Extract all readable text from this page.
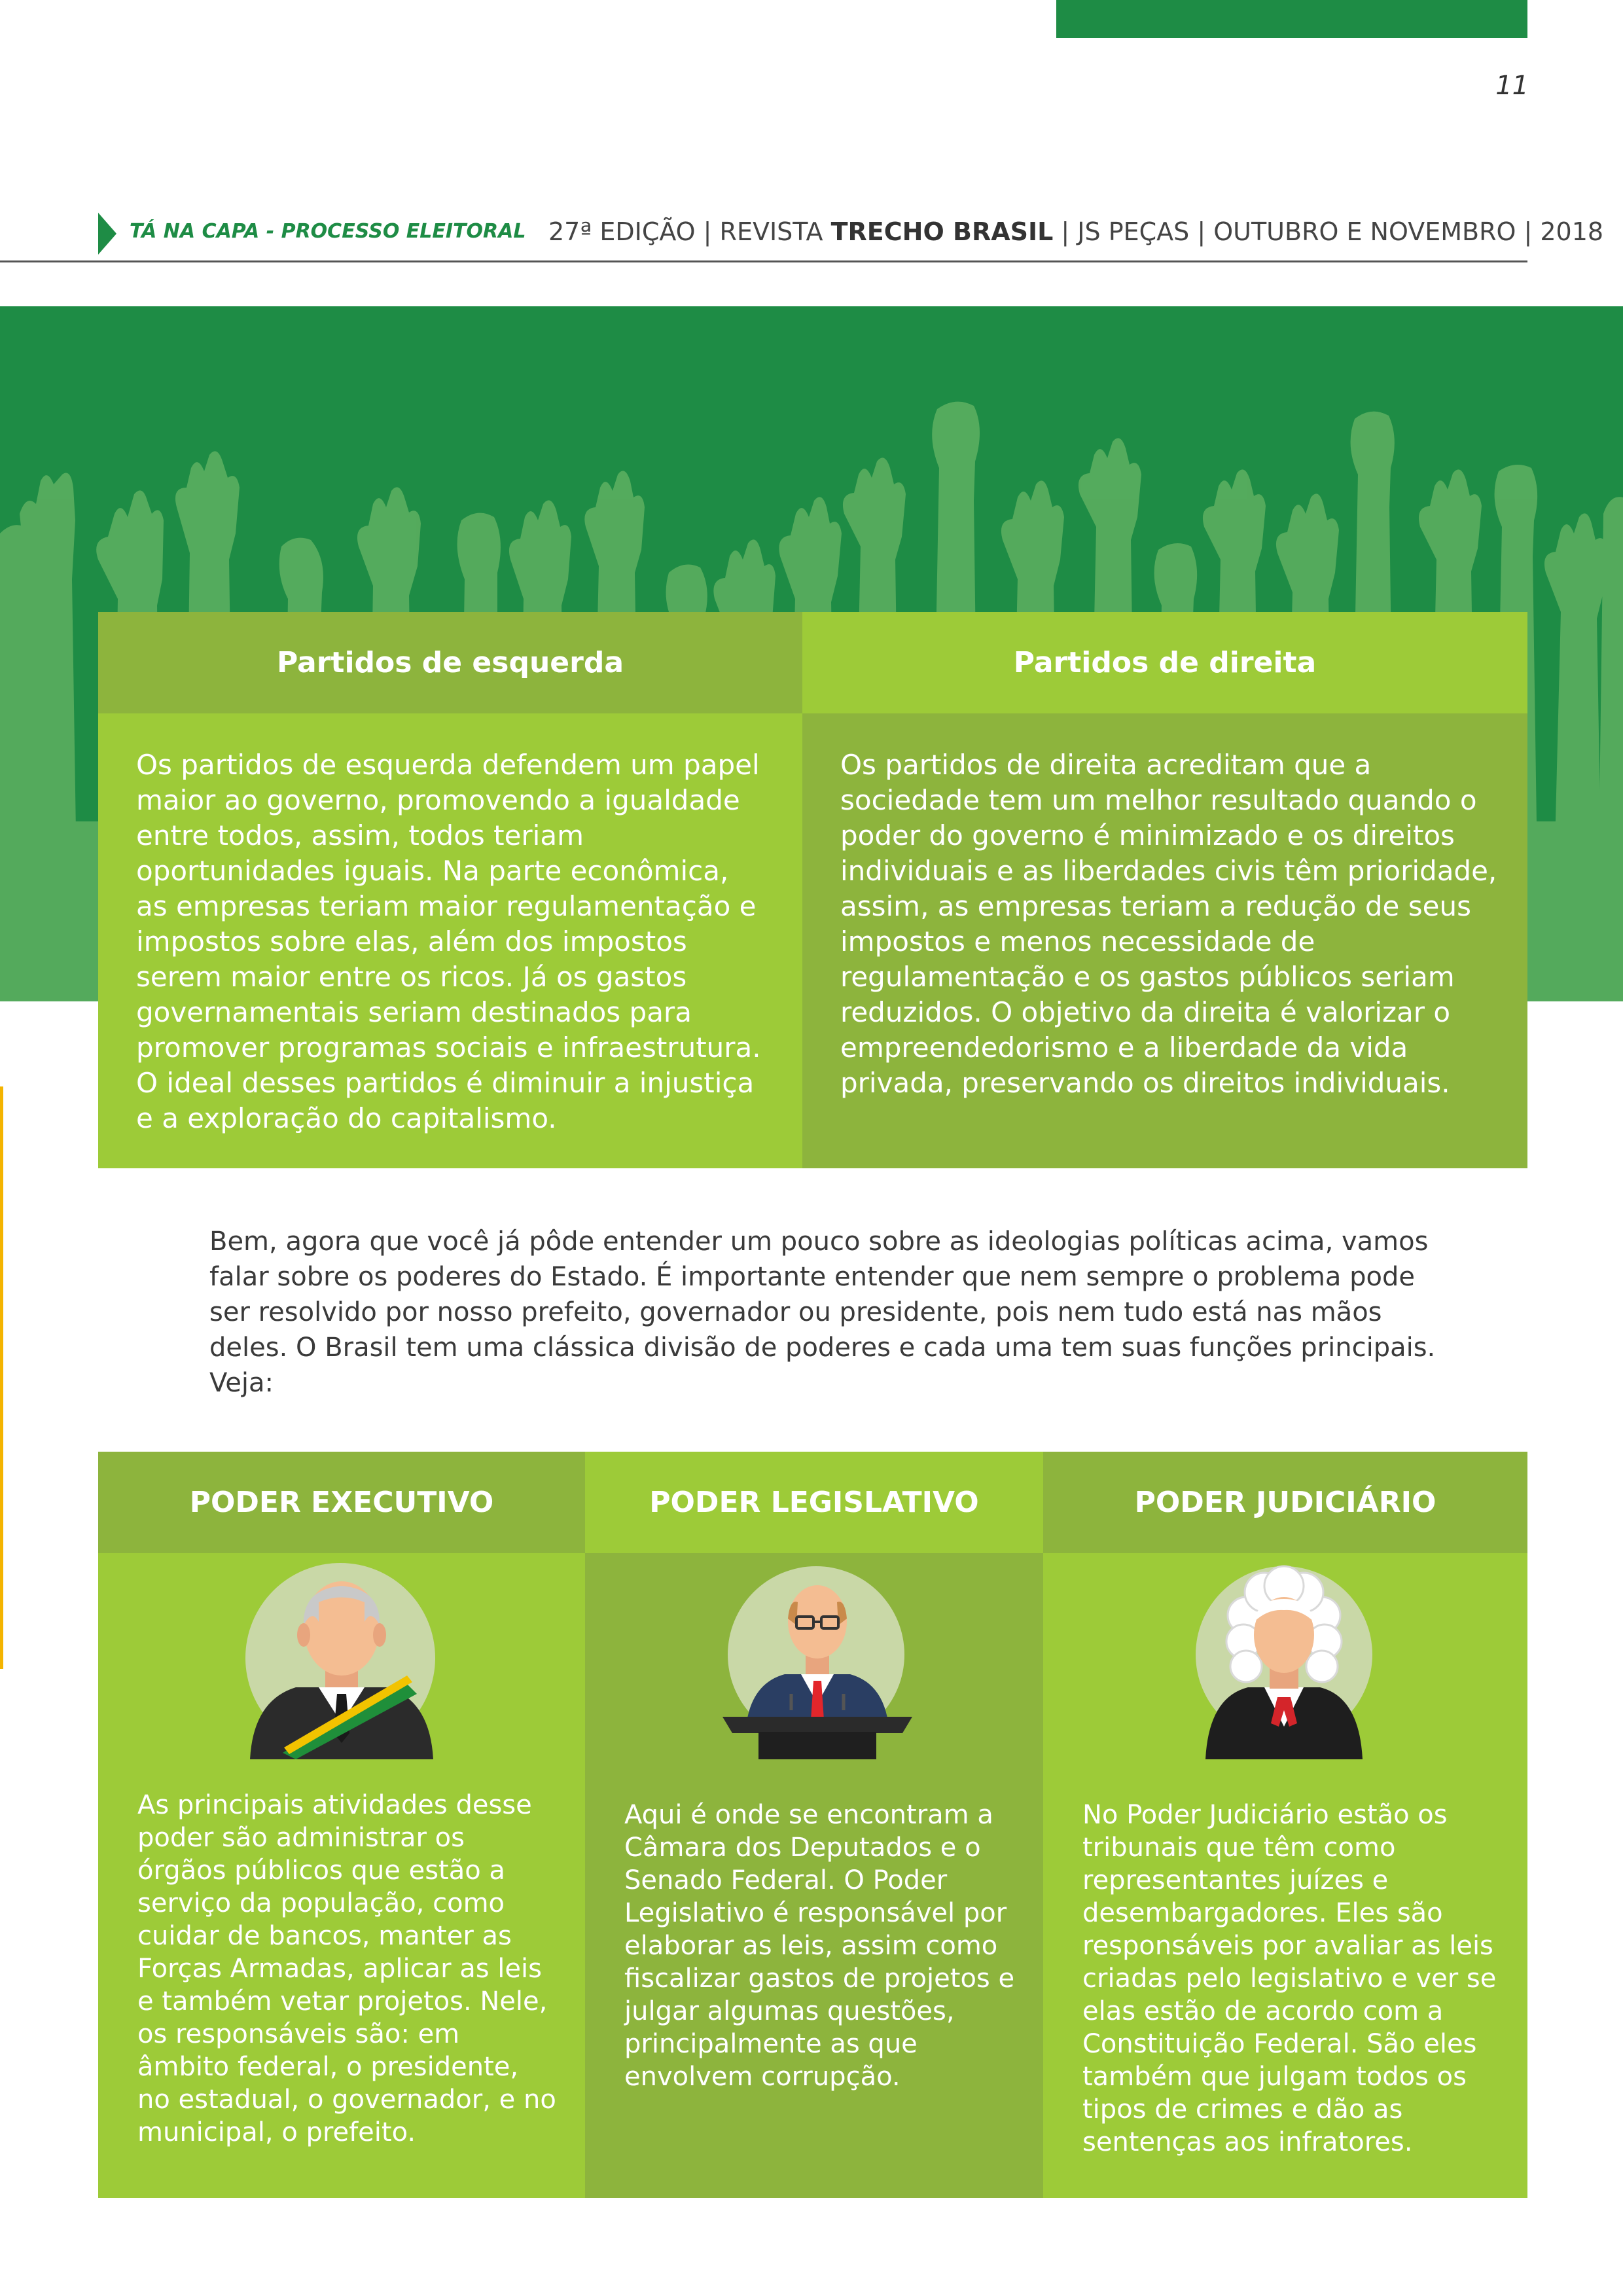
11
TÁ NA CAPA - PROCESSO ELEITORAL 27ª EDIÇÃO | REVISTA TRECHO BRASIL | JS PEÇAS | OUTUBRO E NOVEMBRO | 2018
Partidos de esquerda	Partidos de direita

Os partidos de esquerda defendem um papel maior ao governo, promovendo a igualdade entre todos, assim, todos teriam oportunidades iguais. Na parte econômica, as empresas teriam maior regulamentação e impostos sobre elas, além dos impostos serem maior entre os ricos. Já os gastos governamentais seriam destinados para promover programas sociais e infraestrutura. O ideal desses partidos é diminuir a injustiça e a exploração do capitalismo.

Os partidos de direita acreditam que a sociedade tem um melhor resultado quando o poder do governo é minimizado e os direitos individuais e as liberdades civis têm prioridade, assim, as empresas teriam a redução de seus impostos e menos necessidade de regulamentação e os gastos públicos seriam reduzidos. O objetivo da direita é valorizar o empreendedorismo e a liberdade da vida privada, preservando os direitos individuais.

Bem, agora que você já pôde entender um pouco sobre as ideologias políticas acima, vamos falar sobre os poderes do Estado. É importante entender que nem sempre o problema pode ser resolvido por nosso prefeito, governador ou presidente, pois nem tudo está nas mãos deles. O Brasil tem uma clássica divisão de poderes e cada uma tem suas funções principais. Veja:

PODER EXECUTIVO	PODER LEGISLATIVO	PODER JUDICIÁRIO

As principais atividades desse poder são administrar os órgãos públicos que estão a serviço da população, como cuidar de bancos, manter as Forças Armadas, aplicar as leis e também vetar projetos. Nele, os responsáveis são: em âmbito federal, o presidente, no estadual, o governador, e no municipal, o prefeito.

Aqui é onde se encontram a Câmara dos Deputados e o Senado Federal. O Poder Legislativo é responsável por elaborar as leis, assim como fiscalizar gastos de projetos e julgar algumas questões, principalmente as que envolvem corrupção.

No Poder Judiciário estão os tribunais que têm como representantes juízes e desembargadores. Eles são responsáveis por avaliar as leis criadas pelo legislativo e ver se elas estão de acordo com a Constituição Federal. São eles também que julgam todos os tipos de crimes e dão as sentenças aos infratores.
